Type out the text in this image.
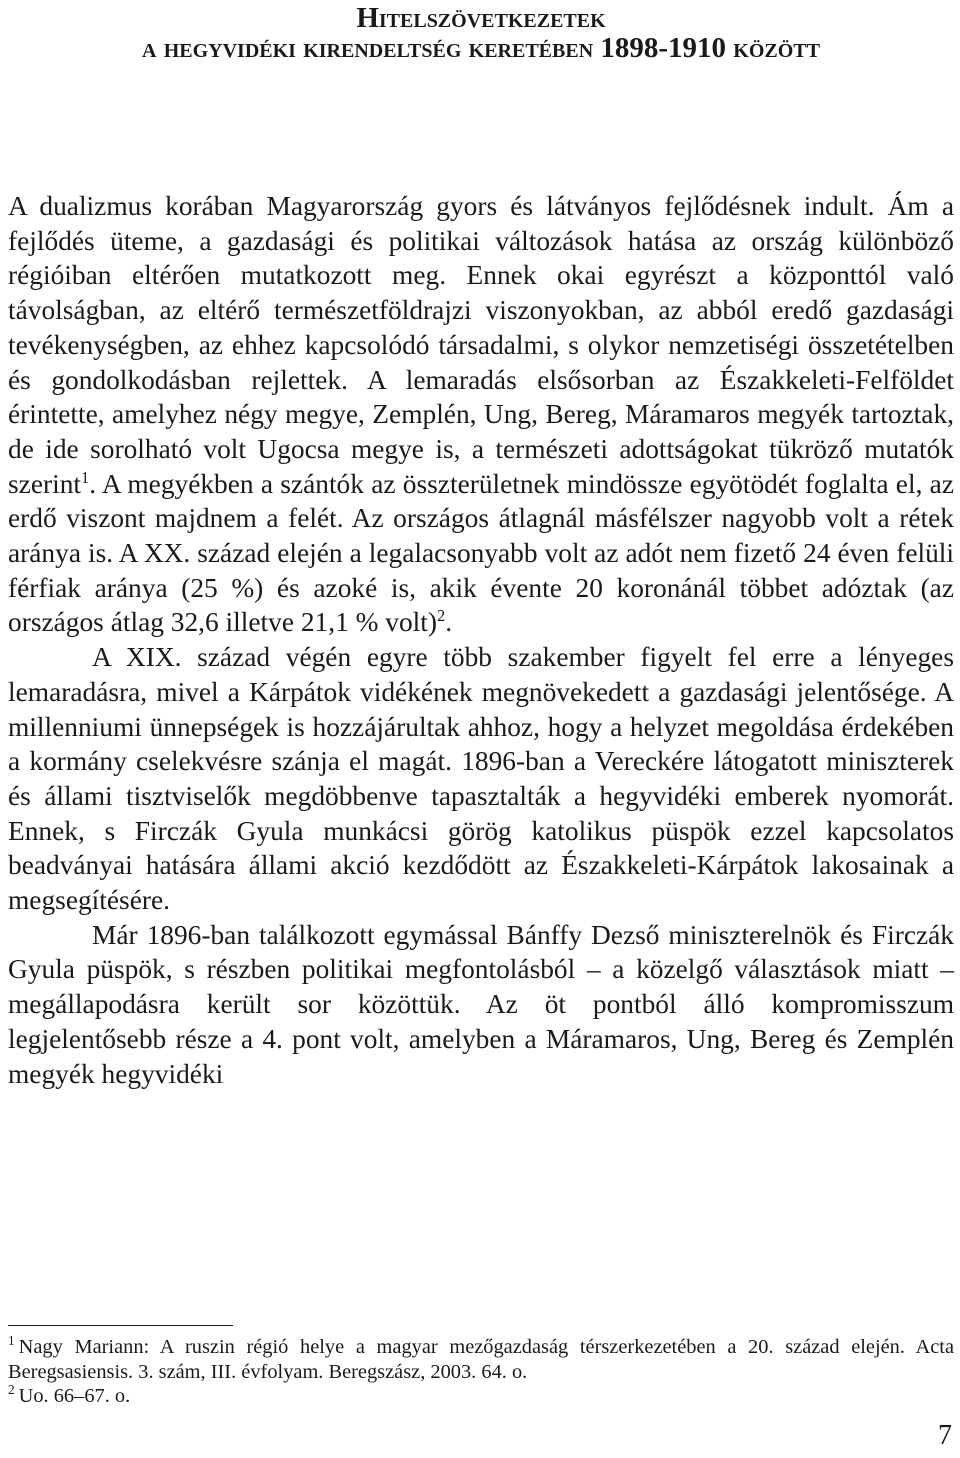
Hitelszövetkezetek
a hegyvidéki kirendeltség keretében 1898-1910 között

A dualizmus korában Magyarország gyors és látványos fejlődésnek indult. Ám a fejlődés üteme, a gazdasági és politikai változások hatása az ország különböző régióiban eltérően mutatkozott meg. Ennek okai egyrészt a központtól való távolságban, az eltérő természetföldrajzi viszonyokban, az abból eredő gazdasági tevékenységben, az ehhez kapcsolódó társadalmi, s olykor nemzetiségi összetételben és gondolkodásban rejlettek. A lemaradás elsősorban az Északkeleti-Felföldet érintette, amelyhez négy megye, Zemplén, Ung, Bereg, Máramaros megyék tartoztak, de ide sorolható volt Ugocsa megye is, a természeti adottságokat tükröző mutatók szerint$^1$. A megyékben a szántók az összterületnek mindössze egyötödét foglalta el, az erdő viszont majdnem a felét. Az országos átlagnál másfélszer nagyobb volt a rétek aránya is. A XX. század elején a legalacsonyabb volt az adót nem fizető 24 éven felüli férfiak aránya (25 %) és azoké is, akik évente 20 koronánál többet adóztak (az országos átlag 32,6 illetve 21,1 % volt)$^2$.

A XIX. század végén egyre több szakember figyelt fel erre a lényeges lemaradásra, mivel a Kárpátok vidékének megnövekedett a gazdasági jelentősége. A millenniumi ünnepségek is hozzájárultak ahhoz, hogy a helyzet megoldása érdekében a kormány cselekvésre szánja el magát. 1896-ban a Vereckére látogatott miniszterek és állami tisztviselők megdöbbenve tapasztalták a hegyvidéki emberek nyomorát. Ennek, s Firczák Gyula munkácsi görög katolikus püspök ezzel kapcsolatos beadványai hatására állami akció kezdődött az Északkeleti-Kárpátok lakosainak a megsegítésére.

Már 1896-ban találkozott egymással Bánffy Dezső miniszterelnök és Firczák Gyula püspök, s részben politikai megfontolásból – a közelgő választások miatt – megállapodásra került sor közöttük. Az öt pontból álló kompromisszum legjelentősebb része a 4. pont volt, amelyben a Máramaros, Ung, Bereg és Zemplén megyék hegyvidéki

$^1$ Nagy Mariann: A ruszin régió helye a magyar mezőgazdaság térszerkezetében a 20. század elején. Acta Beregsasiensis. 3. szám, III. évfolyam. Beregszász, 2003. 64. o.

$^2$ Uo. 66–67. o.

7
